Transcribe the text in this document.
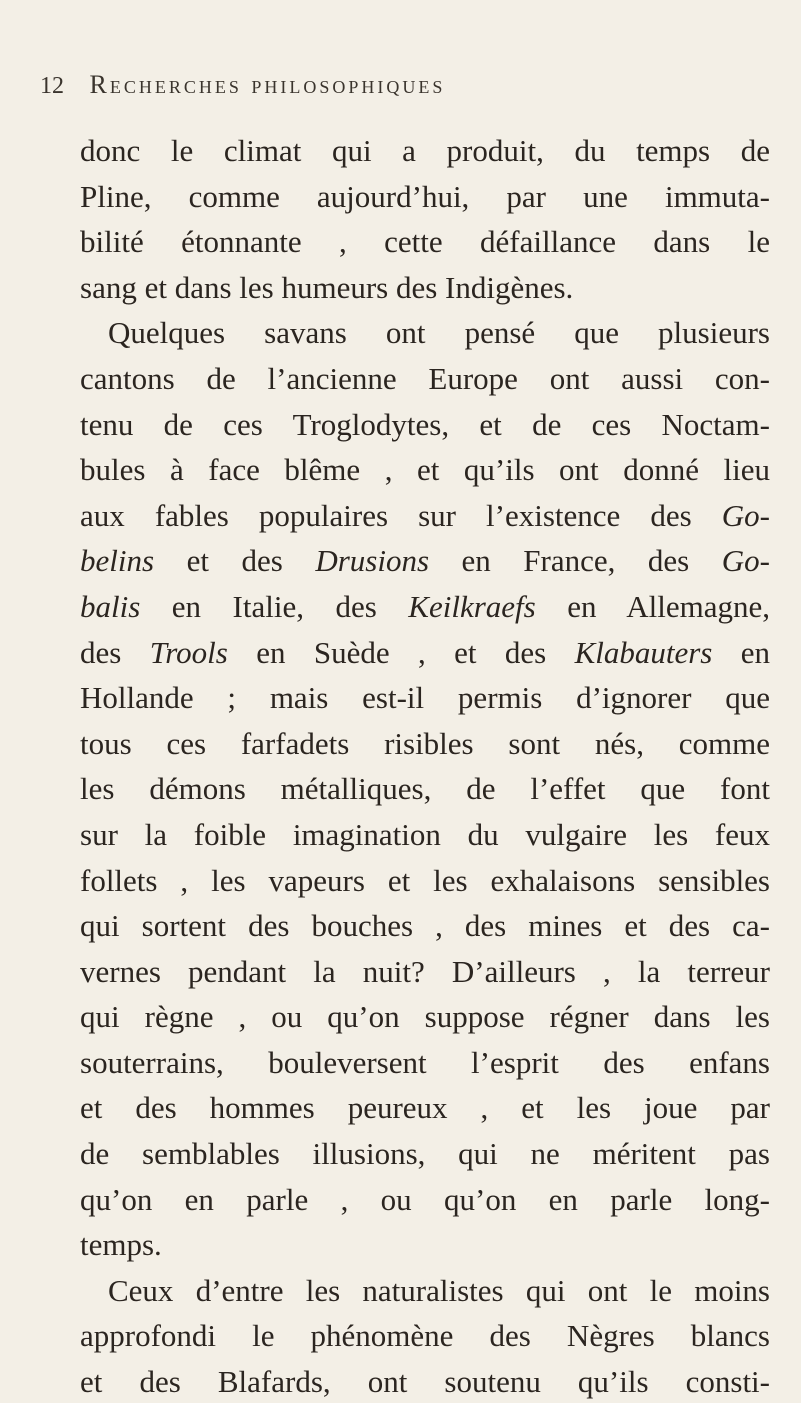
12 Recherches philosophiques
donc le climat qui a produit, du temps de
Pline, comme aujourd’hui, par une immuta-
bilité étonnante , cette défaillance dans le
sang et dans les humeurs des Indigènes.
Quelques savans ont pensé que plusieurs
cantons de l’ancienne Europe ont aussi con-
tenu de ces Troglodytes, et de ces Noctam-
bules à face blême , et qu’ils ont donné lieu
aux fables populaires sur l’existence des Go-
belins et des Drusions en France, des Go-
balis en Italie, des Keilkraefs en Allemagne,
des Trools en Suède , et des Klabauters en
Hollande ; mais est-il permis d’ignorer que
tous ces farfadets risibles sont nés, comme
les démons métalliques, de l’effet que font
sur la foible imagination du vulgaire les feux
follets , les vapeurs et les exhalaisons sensibles
qui sortent des bouches , des mines et des ca-
vernes pendant la nuit? D’ailleurs , la terreur
qui règne , ou qu’on suppose régner dans les
souterrains, bouleversent l’esprit des enfans
et des hommes peureux , et les joue par
de semblables illusions, qui ne méritent pas
qu’on en parle , ou qu’on en parle long-
temps.
Ceux d’entre les naturalistes qui ont le moins
approfondi le phénomène des Nègres blancs
et des Blafards, ont soutenu qu’ils consti-
